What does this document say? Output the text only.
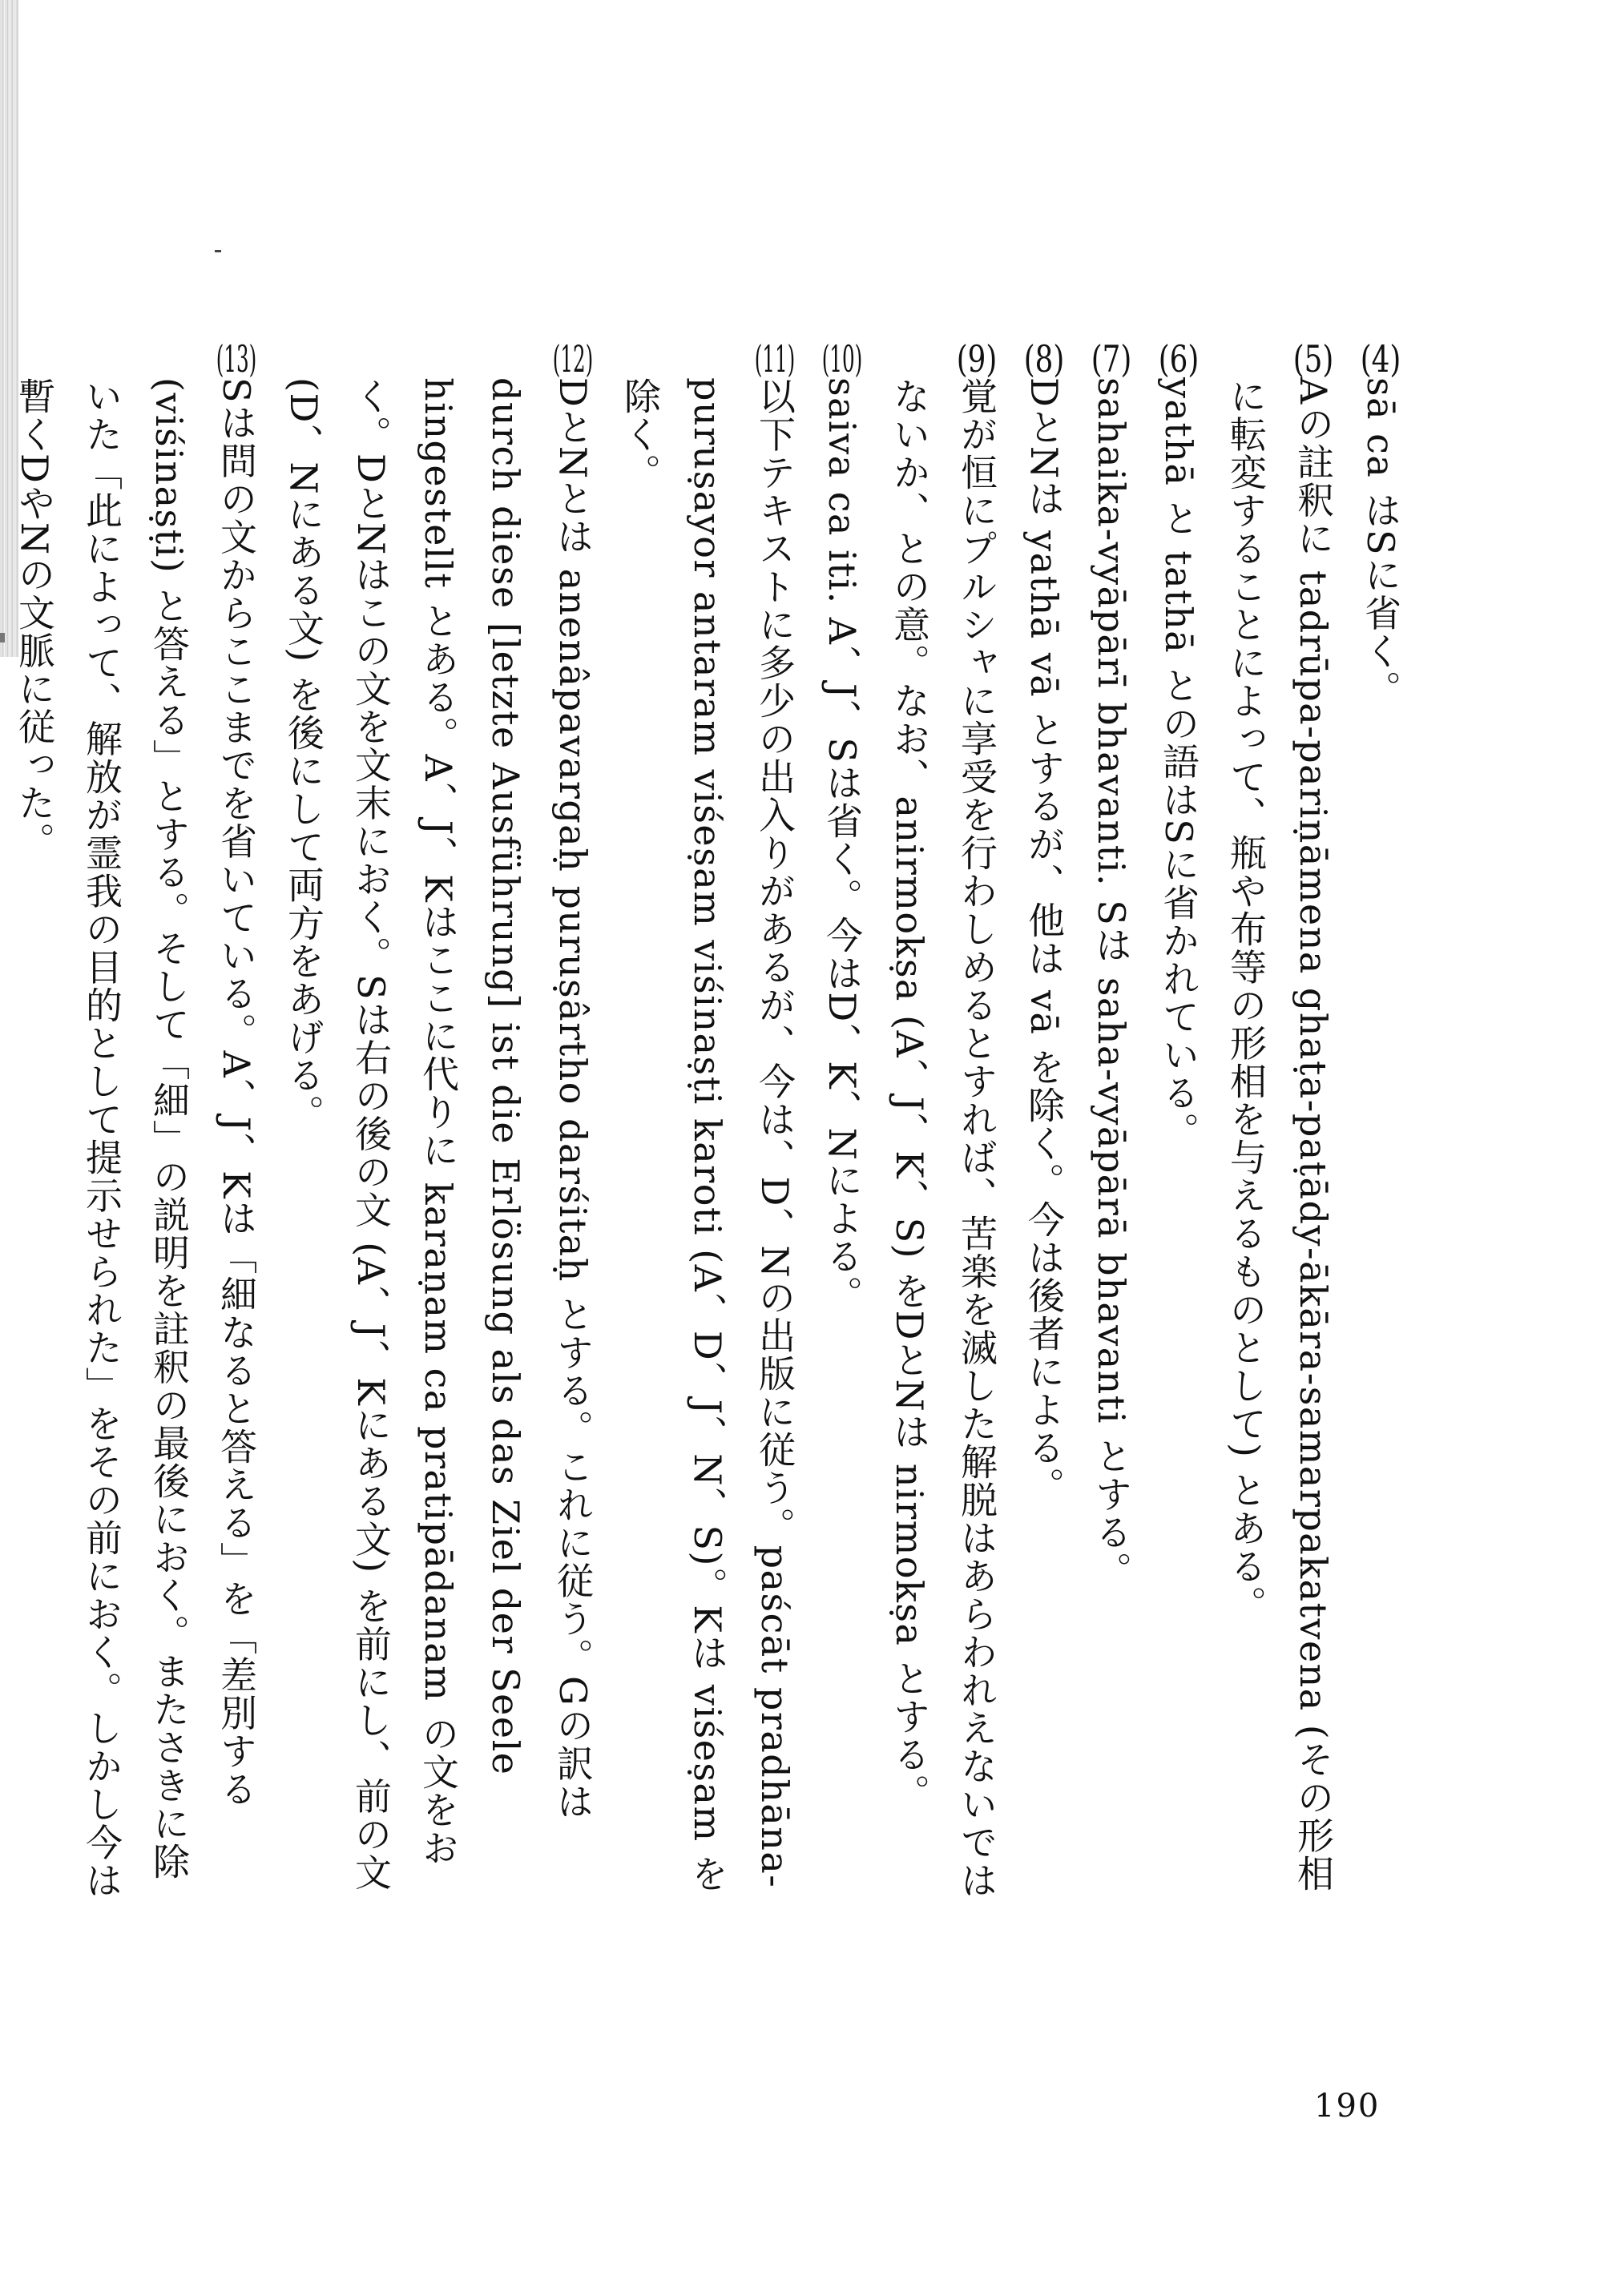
(4)
sā ca はSに省く。
(5)
Aの註釈に tadrūpa-pariṇāmena ghaṭa-paṭādy-ākāra-samarpakatvena (その形相に転変することによって、瓶や布等の形相を与えるものとして) とある。
(6)
yathā と tathā との語はSに省かれている。
(7)
sahaika-vyāpārī bhavanti. Sは saha-vyāpārā bhavanti とする。
(8)
DとNは yathā vā とするが、他は vā を除く。今は後者による。
(9)
覚が恒にプルシャに享受を行わしめるとすれば、苦楽を滅した解脱はあらわれえないではないか、との意。なお、anirmokṣa (A、J、K、S) をDとNは nirmokṣa とする。
(10)
saiva ca iti. A、J、Sは省く。今はD、K、Nによる。
(11)
以下テキストに多少の出入りがあるが、今は、D、Nの出版に従う。paścāt pradhāna-puruṣayor antaram viśeṣam viśinaṣṭi karoti (A、D、J、N、S)。Kは viśeṣam を除く。
(12)
DとNとは anenâpavargaḥ puruṣârtho darśitaḥ とする。これに従う。Gの訳は durch diese [letzte Ausführung] ist die Erlösung als das Ziel der Seele hingestellt とある。A、J、Kはここに代りに karaṇam ca pratipādanam の文をおく。DとNはこの文を文末におく。Sは右の後の文 (A、J、Kにある文) を前にし、前の文 (D、Nにある文) を後にして両方をあげる。
(13)
Sは問の文からここまでを省いている。A、J、Kは「細なると答える」を「差別する (viśinaṣṭi) と答える」とする。そして「細」の説明を註釈の最後におく。またさきに除いた「此によって、解放が霊我の目的として提示せられた」をその前におく。しかし今は暫くDやNの文脈に従った。
190
